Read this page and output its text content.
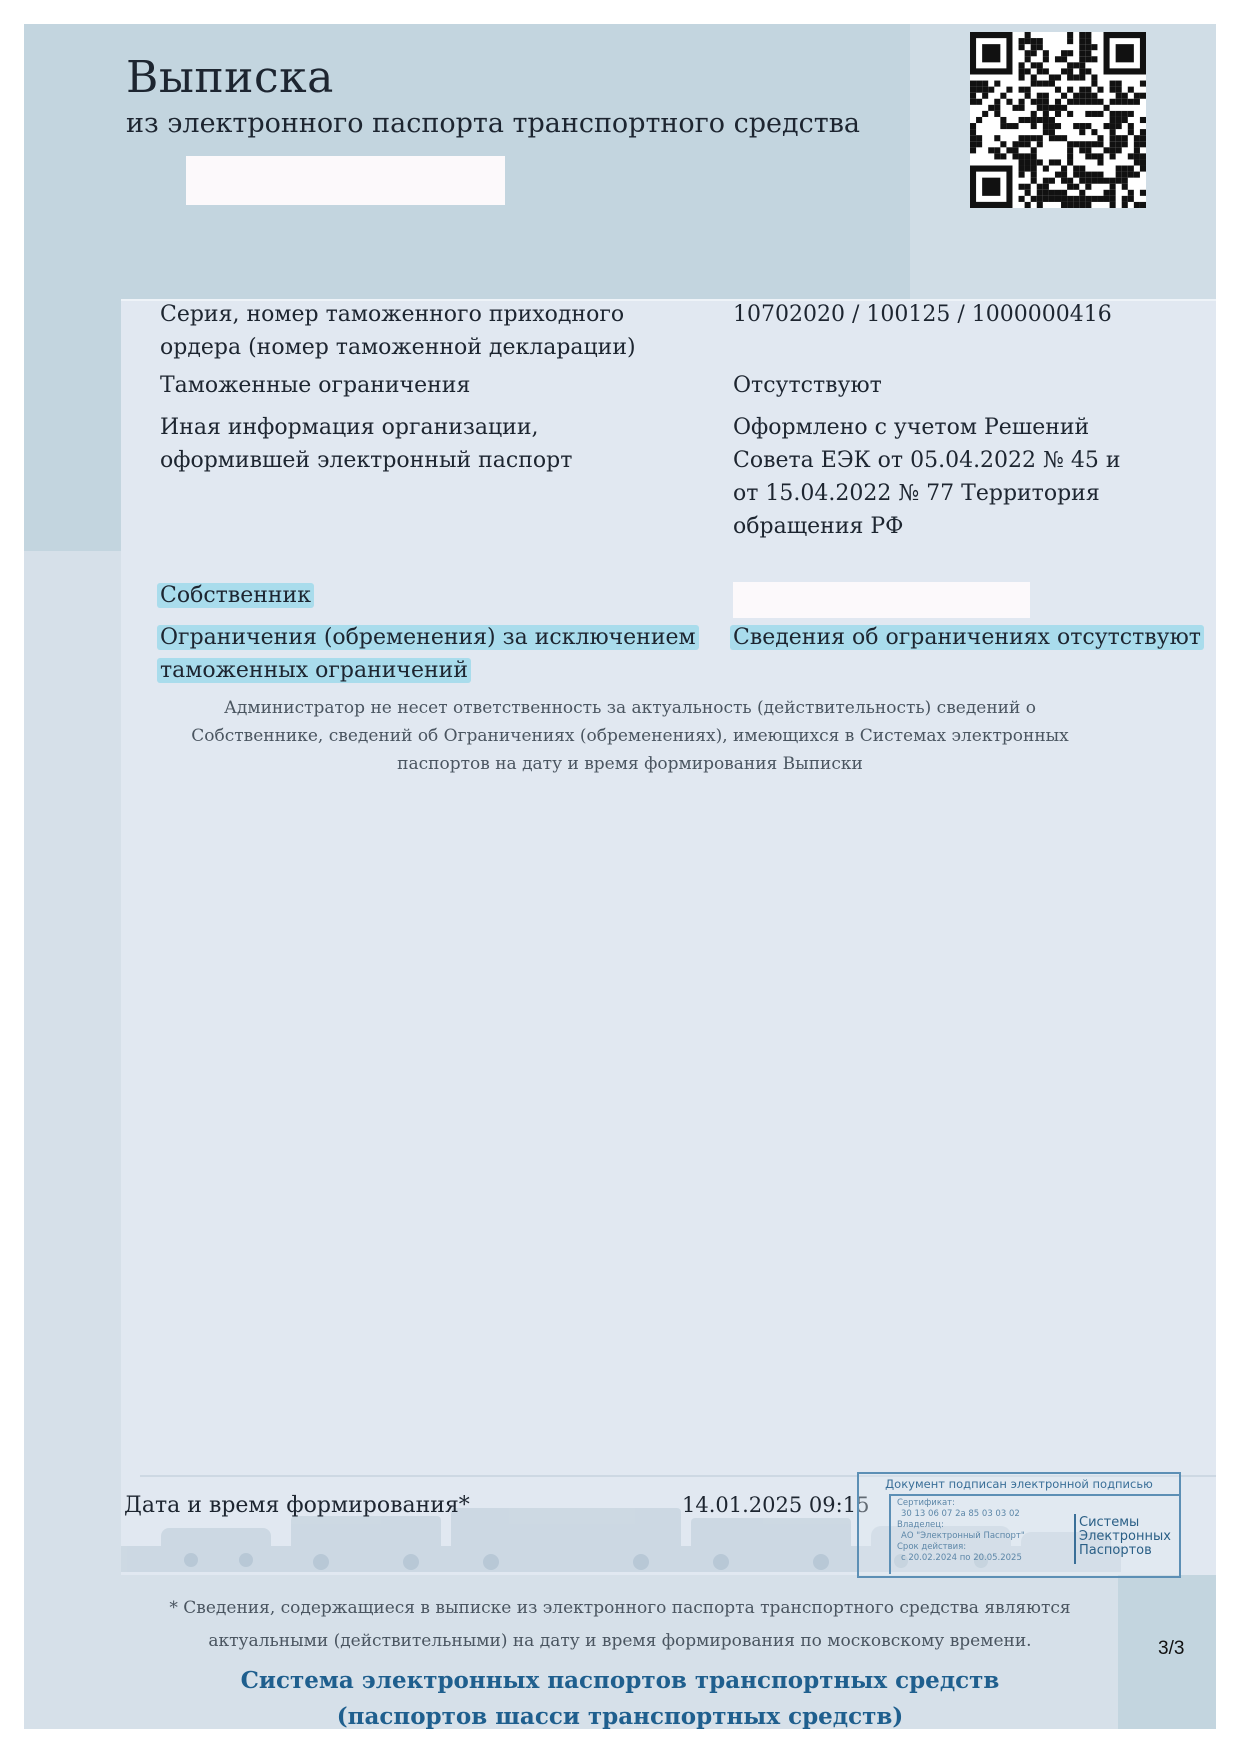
Выписка
из электронного паспорта транспортного средства
Серия, номер таможенного приходного ордера (номер таможенной декларации)
10702020 / 100125 / 1000000416
Таможенные ограничения	Отсутствуют
Иная информация организации, оформившей электронный паспорт
Оформлено с учетом Решений Совета ЕЭК от 05.04.2022 № 45 и от 15.04.2022 № 77 Территория обращения РФ
Собственник
Ограничения (обременения) за исключением таможенных ограничений
Сведения об ограничениях отсутствуют
Администратор не несет ответственность за актуальность (действительность) сведений о Собственнике, сведений об Ограничениях (обременениях), имеющихся в Системах электронных паспортов на дату и время формирования Выписки
Дата и время формирования*	14.01.2025 09:15
Документ подписан электронной подписью
Сертификат:
30 13 06 07 2a 85 03 03 02
Владелец:
АО "Электронный Паспорт"
Срок действия:
с 20.02.2024 по 20.05.2025
Системы
Электронных
Паспортов
* Сведения, содержащиеся в выписке из электронного паспорта транспортного средства являются актуальными (действительными) на дату и время формирования по московскому времени.
Система электронных паспортов транспортных средств
(паспортов шасси транспортных средств)
3/3
